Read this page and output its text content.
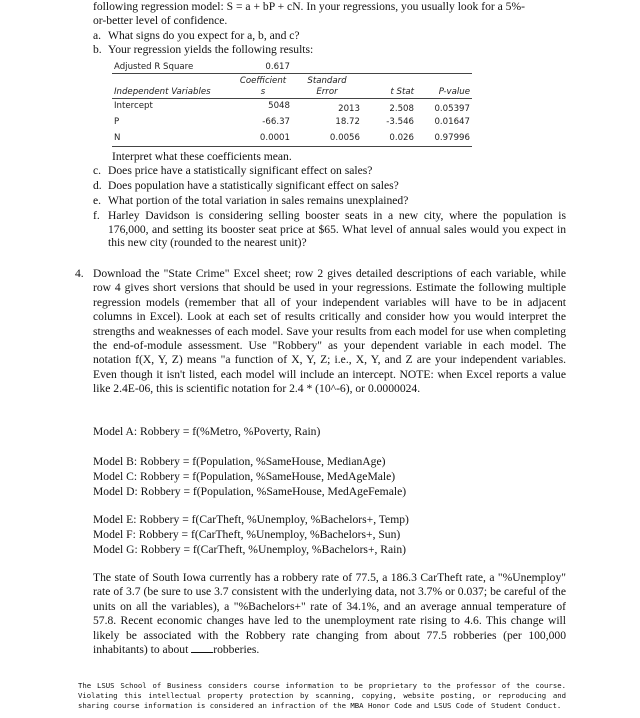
following regression model: S = a + bP + cN. In your regressions, you usually look for a 5%-
or-better level of confidence.
a. What signs do you expect for a, b, and c?
b. Your regression yields the following results:
Adjusted R Square	0.617			
	Coefficient	Standard		
Independent Variables	s	Error	t Stat	P-value
Intercept	5048	2013	2.508	0.05397
P	-66.37	18.72	-3.546	0.01647
N	0.0001	0.0056	0.026	0.97996
Interpret what these coefficients mean.
c. Does price have a statistically significant effect on sales?
d. Does population have a statistically significant effect on sales?
e. What portion of the total variation in sales remains unexplained?
f. Harley Davidson is considering selling booster seats in a new city, where the population is 176,000, and setting its booster seat price at $65. What level of annual sales would you expect in this new city (rounded to the nearest unit)?
4. Download the "State Crime" Excel sheet; row 2 gives detailed descriptions of each variable, while row 4 gives short versions that should be used in your regressions. Estimate the following multiple regression models (remember that all of your independent variables will have to be in adjacent columns in Excel). Look at each set of results critically and consider how you would interpret the strengths and weaknesses of each model. Save your results from each model for use when completing the end-of-module assessment. Use "Robbery" as your dependent variable in each model. The notation f(X, Y, Z) means "a function of X, Y, Z; i.e., X, Y, and Z are your independent variables. Even though it isn't listed, each model will include an intercept. NOTE: when Excel reports a value like 2.4E-06, this is scientific notation for 2.4 * (10^-6), or 0.0000024.
Model A: Robbery = f(%Metro, %Poverty, Rain)
Model B: Robbery = f(Population, %SameHouse, MedianAge)
Model C: Robbery = f(Population, %SameHouse, MedAgeMale)
Model D: Robbery = f(Population, %SameHouse, MedAgeFemale)
Model E: Robbery = f(CarTheft, %Unemploy, %Bachelors+, Temp)
Model F: Robbery = f(CarTheft, %Unemploy, %Bachelors+, Sun)
Model G: Robbery = f(CarTheft, %Unemploy, %Bachelors+, Rain)
The state of South Iowa currently has a robbery rate of 77.5, a 186.3 CarTheft rate, a "%Unemploy" rate of 3.7 (be sure to use 3.7 consistent with the underlying data, not 3.7% or 0.037; be careful of the units on all the variables), a "%Bachelors+" rate of 34.1%, and an average annual temperature of 57.8. Recent economic changes have led to the unemployment rate rising to 4.6. This change will likely be associated with the Robbery rate changing from about 77.5 robberies (per 100,000 inhabitants) to about robberies.
The LSUS School of Business considers course information to be proprietary to the professor of the course. Violating this intellectual property protection by scanning, copying, website posting, or reproducing and sharing course information is considered an infraction of the MBA Honor Code and LSUS Code of Student Conduct.
